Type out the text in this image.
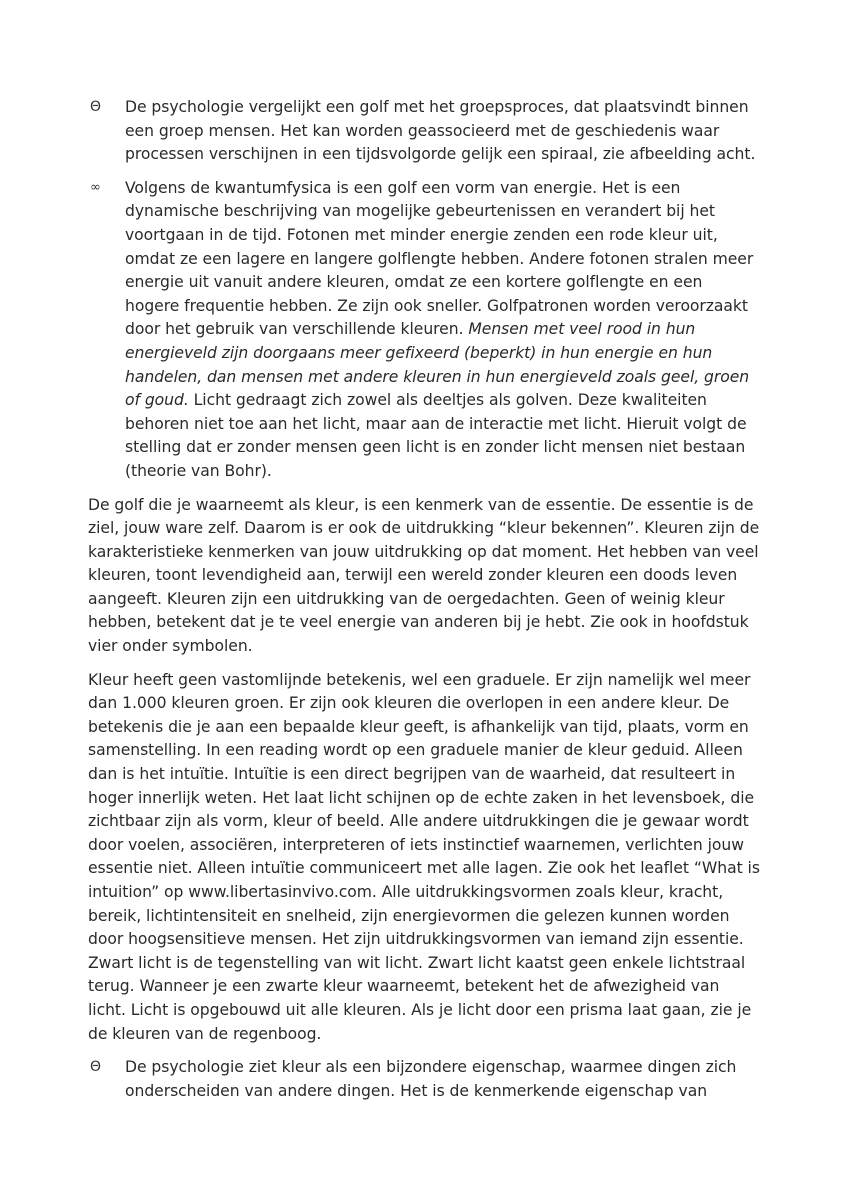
Θ De psychologie vergelijkt een golf met het groepsproces, dat plaatsvindt binnen een groep mensen. Het kan worden geassocieerd met de geschiedenis waar processen verschijnen in een tijdsvolgorde gelijk een spiraal, zie afbeelding acht.
∞ Volgens de kwantumfysica is een golf een vorm van energie. Het is een dynamische beschrijving van mogelijke gebeurtenissen en verandert bij het voortgaan in de tijd. Fotonen met minder energie zenden een rode kleur uit, omdat ze een lagere en langere golflengte hebben. Andere fotonen stralen meer energie uit vanuit andere kleuren, omdat ze een kortere golflengte en een hogere frequentie hebben. Ze zijn ook sneller. Golfpatronen worden veroorzaakt door het gebruik van verschillende kleuren. Mensen met veel rood in hun energieveld zijn doorgaans meer gefixeerd (beperkt) in hun energie en hun handelen, dan mensen met andere kleuren in hun energieveld zoals geel, groen of goud. Licht gedraagt zich zowel als deeltjes als golven. Deze kwaliteiten behoren niet toe aan het licht, maar aan de interactie met licht. Hieruit volgt de stelling dat er zonder mensen geen licht is en zonder licht mensen niet bestaan (theorie van Bohr).

De golf die je waarneemt als kleur, is een kenmerk van de essentie. De essentie is de ziel, jouw ware zelf. Daarom is er ook de uitdrukking “kleur bekennen”. Kleuren zijn de karakteristieke kenmerken van jouw uitdrukking op dat moment. Het hebben van veel kleuren, toont levendigheid aan, terwijl een wereld zonder kleuren een doods leven aangeeft. Kleuren zijn een uitdrukking van de oergedachten. Geen of weinig kleur hebben, betekent dat je te veel energie van anderen bij je hebt. Zie ook in hoofdstuk vier onder symbolen.

Kleur heeft geen vastomlijnde betekenis, wel een graduele. Er zijn namelijk wel meer dan 1.000 kleuren groen. Er zijn ook kleuren die overlopen in een andere kleur. De betekenis die je aan een bepaalde kleur geeft, is afhankelijk van tijd, plaats, vorm en samenstelling. In een reading wordt op een graduele manier de kleur geduid. Alleen dan is het intuïtie. Intuïtie is een direct begrijpen van de waarheid, dat resulteert in hoger innerlijk weten. Het laat licht schijnen op de echte zaken in het levensboek, die zichtbaar zijn als vorm, kleur of beeld. Alle andere uitdrukkingen die je gewaar wordt door voelen, associëren, interpreteren of iets instinctief waarnemen, verlichten jouw essentie niet. Alleen intuïtie communiceert met alle lagen. Zie ook het leaflet “What is intuition” op www.libertasinvivo.com. Alle uitdrukkingsvormen zoals kleur, kracht, bereik, lichtintensiteit en snelheid, zijn energievormen die gelezen kunnen worden door hoogsensitieve mensen. Het zijn uitdrukkingsvormen van iemand zijn essentie. Zwart licht is de tegenstelling van wit licht. Zwart licht kaatst geen enkele lichtstraal terug. Wanneer je een zwarte kleur waarneemt, betekent het de afwezigheid van licht. Licht is opgebouwd uit alle kleuren. Als je licht door een prisma laat gaan, zie je de kleuren van de regenboog.

Θ De psychologie ziet kleur als een bijzondere eigenschap, waarmee dingen zich onderscheiden van andere dingen. Het is de kenmerkende eigenschap van
